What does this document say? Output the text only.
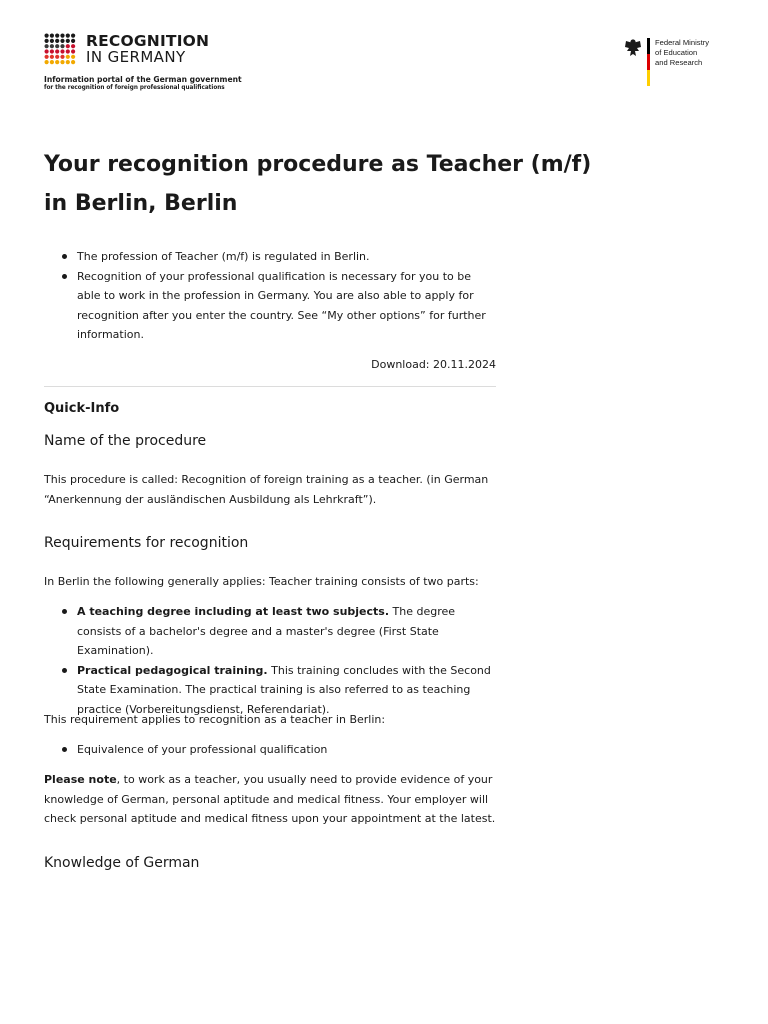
RECOGNITION
IN GERMANY
Information portal of the German government
for the recognition of foreign professional qualifications
Federal Ministry
of Education
and Research
Your recognition procedure as Teacher (m/f)
in Berlin, Berlin
The profession of Teacher (m/f) is regulated in Berlin.
Recognition of your professional qualification is necessary for you to be able to work in the profession in Germany. You are also able to apply for recognition after you enter the country. See “My other options” for further information.
Download: 20.11.2024
Quick-Info
Name of the procedure
This procedure is called: Recognition of foreign training as a teacher. (in German “Anerkennung der ausländischen Ausbildung als Lehrkraft”).
Requirements for recognition
In Berlin the following generally applies: Teacher training consists of two parts:
A teaching degree including at least two subjects. The degree consists of a bachelor's degree and a master's degree (First State Examination).
Practical pedagogical training. This training concludes with the Second State Examination. The practical training is also referred to as teaching practice (Vorbereitungsdienst, Referendariat).
This requirement applies to recognition as a teacher in Berlin:
Equivalence of your professional qualification
Please note, to work as a teacher, you usually need to provide evidence of your knowledge of German, personal aptitude and medical fitness. Your employer will check personal aptitude and medical fitness upon your appointment at the latest.
Knowledge of German
